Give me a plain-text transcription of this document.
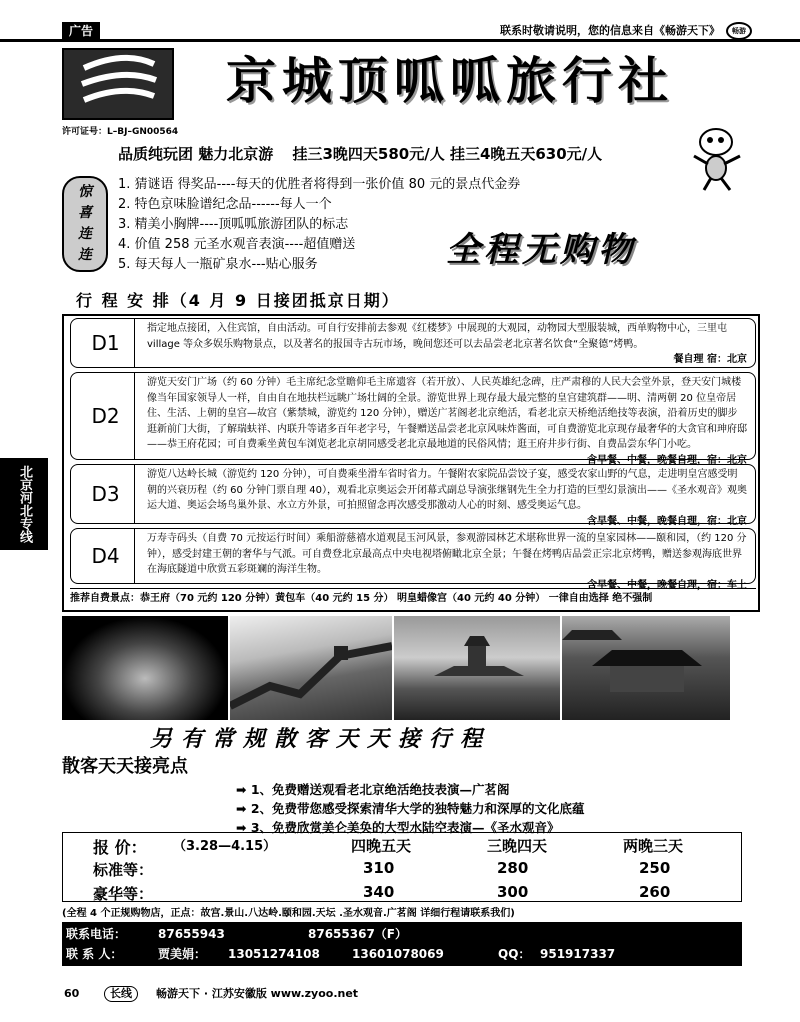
广告	联系时敬请说明，您的信息来自《畅游天下》	畅游
京城顶呱呱旅行社
许可证号：L–BJ–GN00564
品质纯玩团 魅力北京游 挂三3晚四天580元/人 挂三4晚五天630元/人
惊
喜
连
连
1. 猜谜语 得奖品----每天的优胜者将得到一张价值 80 元的景点代金券
2. 特色京味脸谱纪念品------每人一个
3. 精美小胸牌----顶呱呱旅游团队的标志
4. 价值 258 元圣水观音表演----超值赠送
5. 每天每人一瓶矿泉水---贴心服务	全程无购物
行 程 安 排（4 月 9 日接团抵京日期）
D1
指定地点接团，入住宾馆，自由活动。可自行安排前去参观《红楼梦》中展现的大观园，动物园大型服装城，西单购物中心，三里屯 village 等众多娱乐购物景点，以及著名的报国寺古玩市场，晚间您还可以去品尝老北京著名饮食“全聚德”烤鸭。
餐自理 宿：北京
D2
游览天安门广场（约 60 分钟）毛主席纪念堂瞻仰毛主席遗容（若开放）、人民英雄纪念碑，庄严肃穆的人民大会堂外景，登天安门城楼像当年国家领导人一样，自由自在地扶栏远眺广场壮阔的全景。游览世界上现存最大最完整的皇宫建筑群——明、清两朝 20 位皇帝居住、生活、上朝的皇宫—故宫（紫禁城，游览约 120 分钟），赠送广茗阁老北京绝活，看老北京天桥绝活绝技等表演，沿着历史的脚步逛新前门大街，了解瑞蚨祥、内联升等诸多百年老字号，午餐赠送品尝老北京风味炸酱面，可自费游览北京现存最奢华的大贪官和珅府邸——恭王府花园；可自费乘坐黄包车浏览老北京胡同感受老北京最地道的民俗风情；逛王府井步行街、自费品尝东华门小吃。
含早餐、中餐，晚餐自理，宿：北京
D3
游览八达岭长城（游览约 120 分钟），可自费乘坐滑车省时省力。午餐附农家院品尝饺子宴，感受农家山野的气息，走进明皇宫感受明朝的兴衰历程（约 60 分钟门票自理 40），观看北京奥运会开闭幕式副总导演张继钢先生全力打造的巨型幻景演出——《圣水观音》观奥运大道、奥运会场鸟巢外景、水立方外景，可拍照留念再次感受那激动人心的时刻、感受奥运气息。
含早餐、中餐，晚餐自理，宿：北京
D4
万寿寺码头（自费 70 元按运行时间）乘船游慈禧水道观昆玉河风景，参观游园林艺术堪称世界一流的皇家园林——颐和园，（约 120 分钟），感受封建王朝的奢华与气派。可自费登北京最高点中央电视塔俯瞰北京全景；午餐在烤鸭店品尝正宗北京烤鸭，赠送参观海底世界在海底隧道中欣赏五彩斑斓的海洋生物。
含早餐、中餐，晚餐自理，宿：车上
推荐自费景点：恭王府（70 元约 120 分钟）黄包车（40 元约 15 分） 明皇蜡像宫（40 元约 40 分钟） 一律自由选择 绝不强制
北京河北专线
另有常规散客天天接行程
散客天天接亮点
➡ 1、免费赠送观看老北京绝活绝技表演—广茗阁
➡ 2、免费带您感受探索清华大学的独特魅力和深厚的文化底蕴
➡ 3、免费欣赏美仑美奂的大型水陆空表演—《圣水观音》
报 价： （3.28—4.15）	四晚五天	三晚四天	两晚三天
标准等：	310	280	250
豪华等：	340	300	260
(全程 4 个正规购物店，正点：故宫.景山.八达岭.颐和园.天坛 .圣水观音.广茗阁 详细行程请联系我们)
联系电话：	87655943	87655367（F）
联 系 人：	贾美娟： 13051274108	13601078069	QQ： 951917337
60	长线	畅游天下 · 江苏安徽版 www.zyoo.net
